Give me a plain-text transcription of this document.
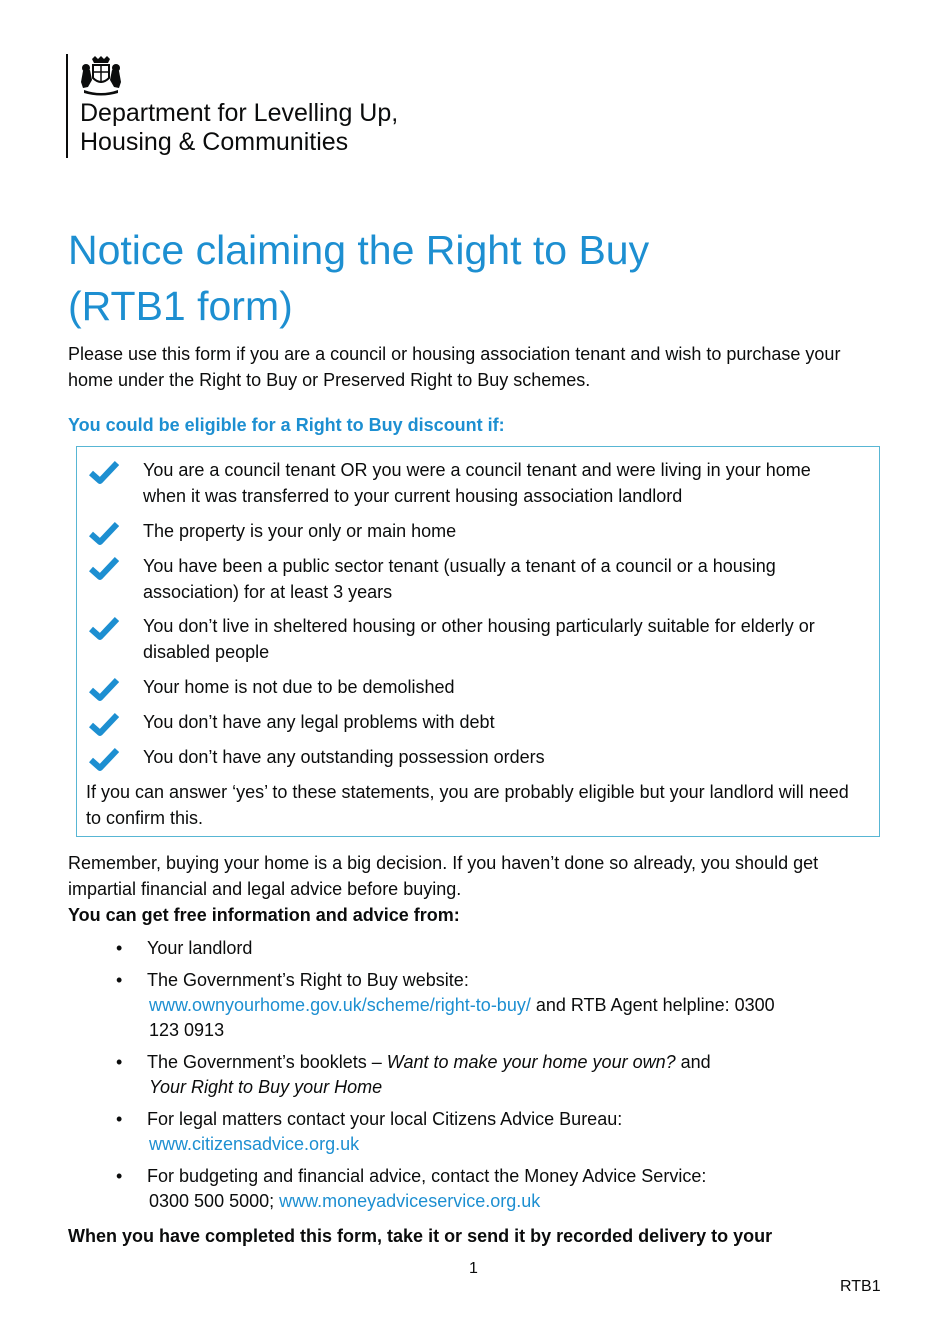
Department for Levelling Up,
Housing & Communities
Notice claiming the Right to Buy
(RTB1 form)

Please use this form if you are a council or housing association tenant and wish to purchase your home under the Right to Buy or Preserved Right to Buy schemes.

You could be eligible for a Right to Buy discount if:
You are a council tenant OR you were a council tenant and were living in your home when it was transferred to your current housing association landlord
The property is your only or main home
You have been a public sector tenant (usually a tenant of a council or a housing association) for at least 3 years
You don’t live in sheltered housing or other housing particularly suitable for elderly or disabled people
Your home is not due to be demolished
You don’t have any legal problems with debt
You don’t have any outstanding possession orders
If you can answer ‘yes’ to these statements, you are probably eligible but your landlord will need to confirm this.

Remember, buying your home is a big decision. If you haven’t done so already, you should get impartial financial and legal advice before buying.

You can get free information and advice from:

• Your landlord
• The Government’s Right to Buy website:

www.ownyourhome.gov.uk/scheme/right-to-buy/ and RTB Agent helpline: 0300
123 0913
• The Government’s booklets – Want to make your home your own? and

Your Right to Buy your Home
• For legal matters contact your local Citizens Advice Bureau:

www.citizensadvice.org.uk
• For budgeting and financial advice, contact the Money Advice Service:

0300 500 5000; www.moneyadviceservice.org.uk

When you have completed this form, take it or send it by recorded delivery to your

1
RTB1
